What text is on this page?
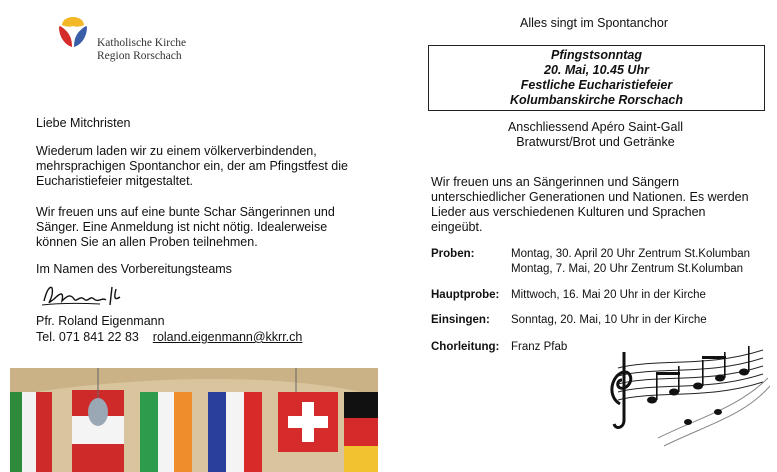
Katholische Kirche
Region Rorschach
Liebe Mitchristen
Wiederum laden wir zu einem völkerverbindenden,
mehrsprachigen Spontanchor ein, der am Pfingstfest die
Eucharistiefeier mitgestaltet.
Wir freuen uns auf eine bunte Schar Sängerinnen und
Sänger. Eine Anmeldung ist nicht nötig. Idealerweise
können Sie an allen Proben teilnehmen.
Im Namen des Vorbereitungsteams
Pfr. Roland Eigenmann
Tel. 071 841 22 83 roland.eigenmann@kkrr.ch
Alles singt im Spontanchor
Pfingstsonntag
20. Mai, 10.45 Uhr
Festliche Eucharistiefeier
Kolumbanskirche Rorschach
Anschliessend Apéro Saint-Gall
Bratwurst/Brot und Getränke
Wir freuen uns an Sängerinnen und Sängern
unterschiedlicher Generationen und Nationen. Es werden
Lieder aus verschiedenen Kulturen und Sprachen
eingeübt.
Proben:	Montag, 30. April 20 Uhr Zentrum St.Kolumban
Montag, 7. Mai, 20 Uhr Zentrum St.Kolumban
Hauptprobe: Mittwoch, 16. Mai 20 Uhr in der Kirche
Einsingen: Sonntag, 20. Mai, 10 Uhr in der Kirche
Chorleitung: Franz Pfab
